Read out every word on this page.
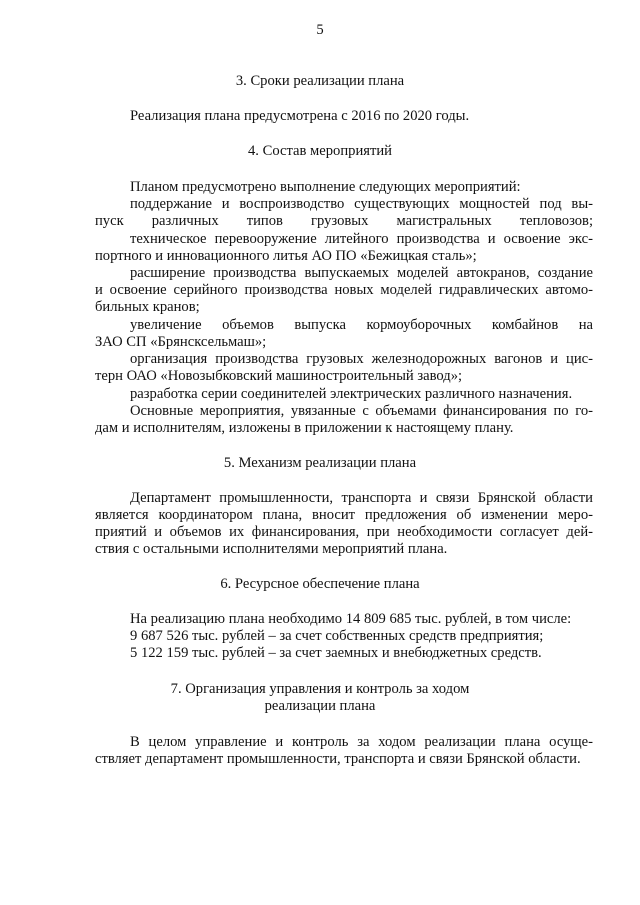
5
3. Сроки реализации плана
Реализация плана предусмотрена с 2016 по 2020 годы.
4. Состав мероприятий
Планом предусмотрено выполнение следующих мероприятий:
поддержание и воспроизводство существующих мощностей под вы-
пуск различных типов грузовых магистральных тепловозов;
техническое перевооружение литейного производства и освоение экс-
портного и инновационного литья АО ПО «Бежицкая сталь»;
расширение производства выпускаемых моделей автокранов, создание
и освоение серийного производства новых моделей гидравлических автомо-
бильных кранов;
увеличение объемов выпуска кормоуборочных комбайнов на
ЗАО СП «Брянсксельмаш»;
организация производства грузовых железнодорожных вагонов и цис-
терн ОАО «Новозыбковский машиностроительный завод»;
разработка серии соединителей электрических различного назначения.
Основные мероприятия, увязанные с объемами финансирования по го-
дам и исполнителям, изложены в приложении к настоящему плану.
5. Механизм реализации плана
Департамент промышленности, транспорта и связи Брянской области
является координатором плана, вносит предложения об изменении меро-
приятий и объемов их финансирования, при необходимости согласует дей-
ствия с остальными исполнителями мероприятий плана.
6. Ресурсное обеспечение плана
На реализацию плана необходимо 14 809 685 тыс. рублей, в том числе:
9 687 526 тыс. рублей – за счет собственных средств предприятия;
5 122 159 тыс. рублей – за счет заемных и внебюджетных средств.
7. Организация управления и контроль за ходом
реализации плана
В целом управление и контроль за ходом реализации плана осуще-
ствляет департамент промышленности, транспорта и связи Брянской области.
